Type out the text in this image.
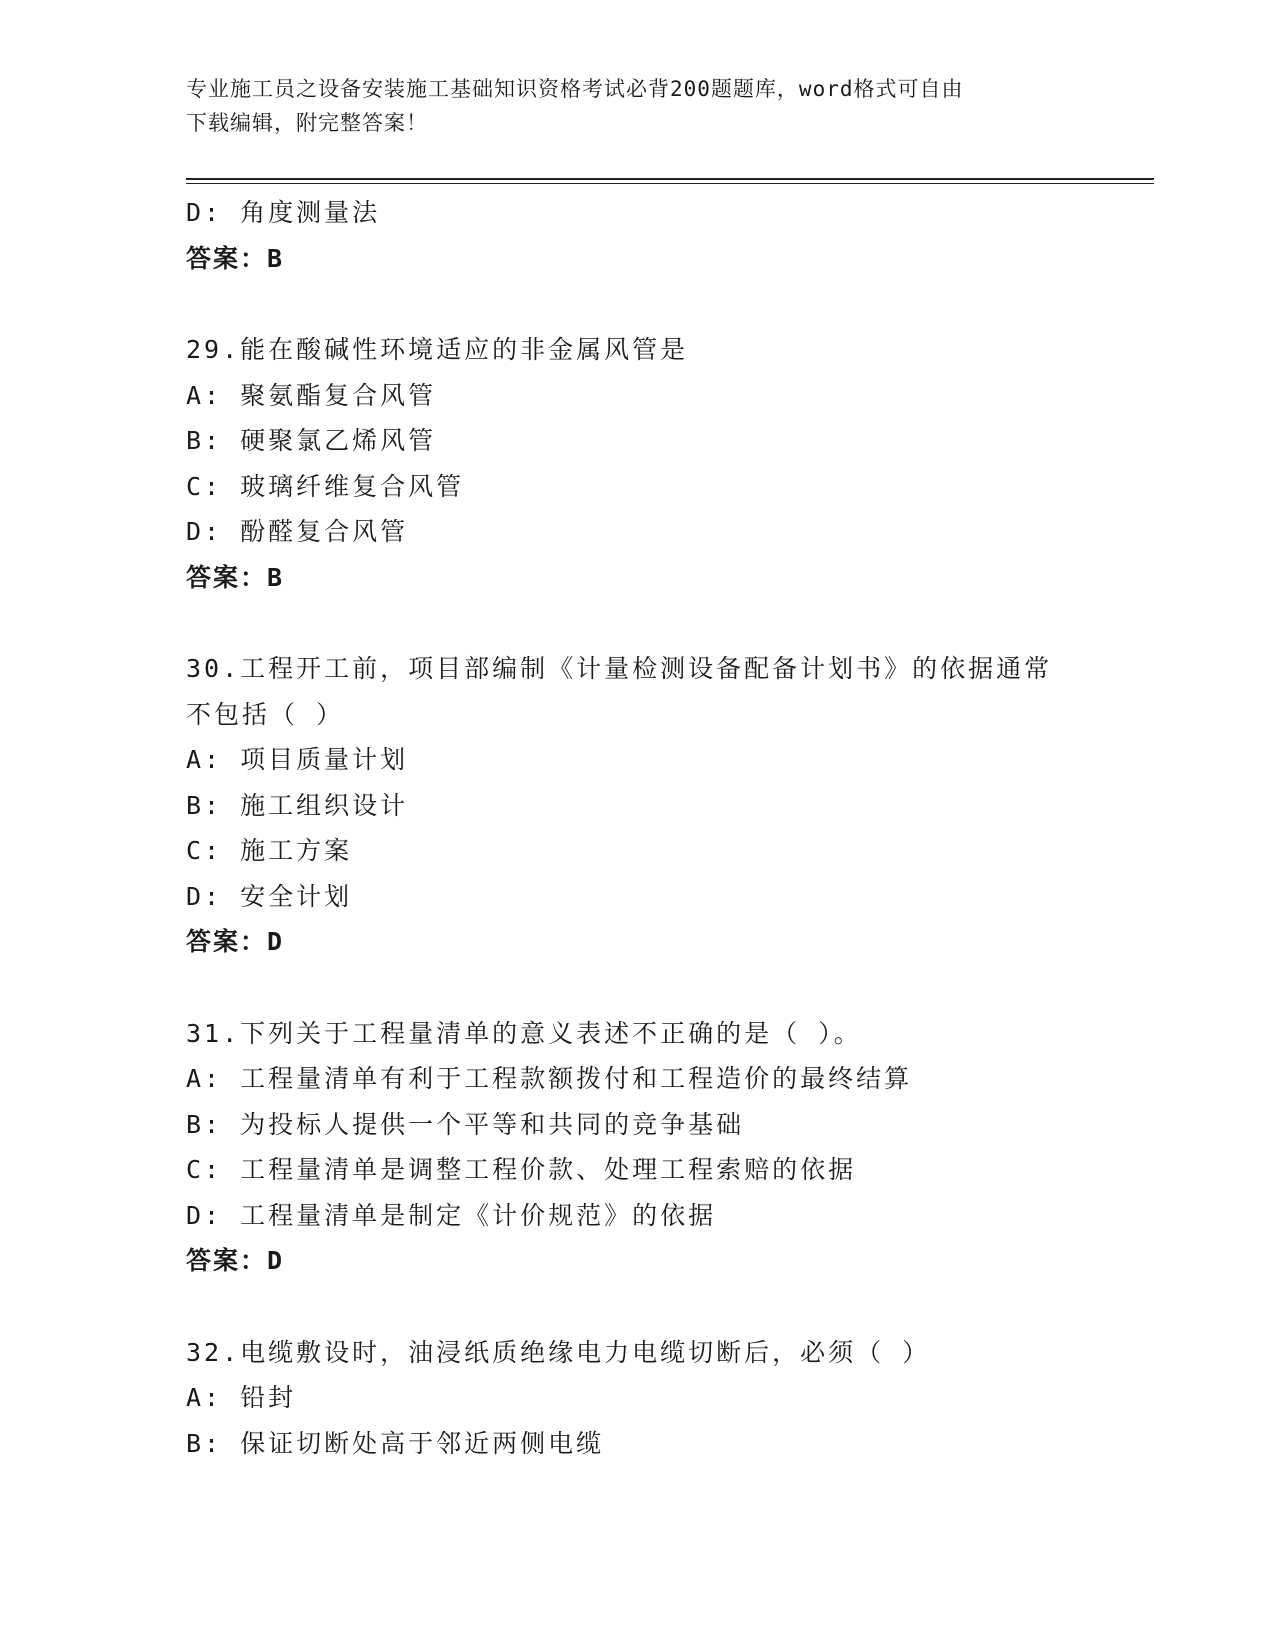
专业施工员之设备安装施工基础知识资格考试必背200题题库，word格式可自由
下载编辑，附完整答案！
D: 角度测量法
答案：B
29.能在酸碱性环境适应的非金属风管是
A: 聚氨酯复合风管
B: 硬聚氯乙烯风管
C: 玻璃纤维复合风管
D: 酚醛复合风管
答案：B
30.工程开工前，项目部编制《计量检测设备配备计划书》的依据通常
不包括（ ）
A: 项目质量计划
B: 施工组织设计
C: 施工方案
D: 安全计划
答案：D
31.下列关于工程量清单的意义表述不正确的是（ ）。
A: 工程量清单有利于工程款额拨付和工程造价的最终结算
B: 为投标人提供一个平等和共同的竞争基础
C: 工程量清单是调整工程价款、处理工程索赔的依据
D: 工程量清单是制定《计价规范》的依据
答案：D
32.电缆敷设时，油浸纸质绝缘电力电缆切断后，必须（ ）
A: 铅封
B: 保证切断处高于邻近两侧电缆
